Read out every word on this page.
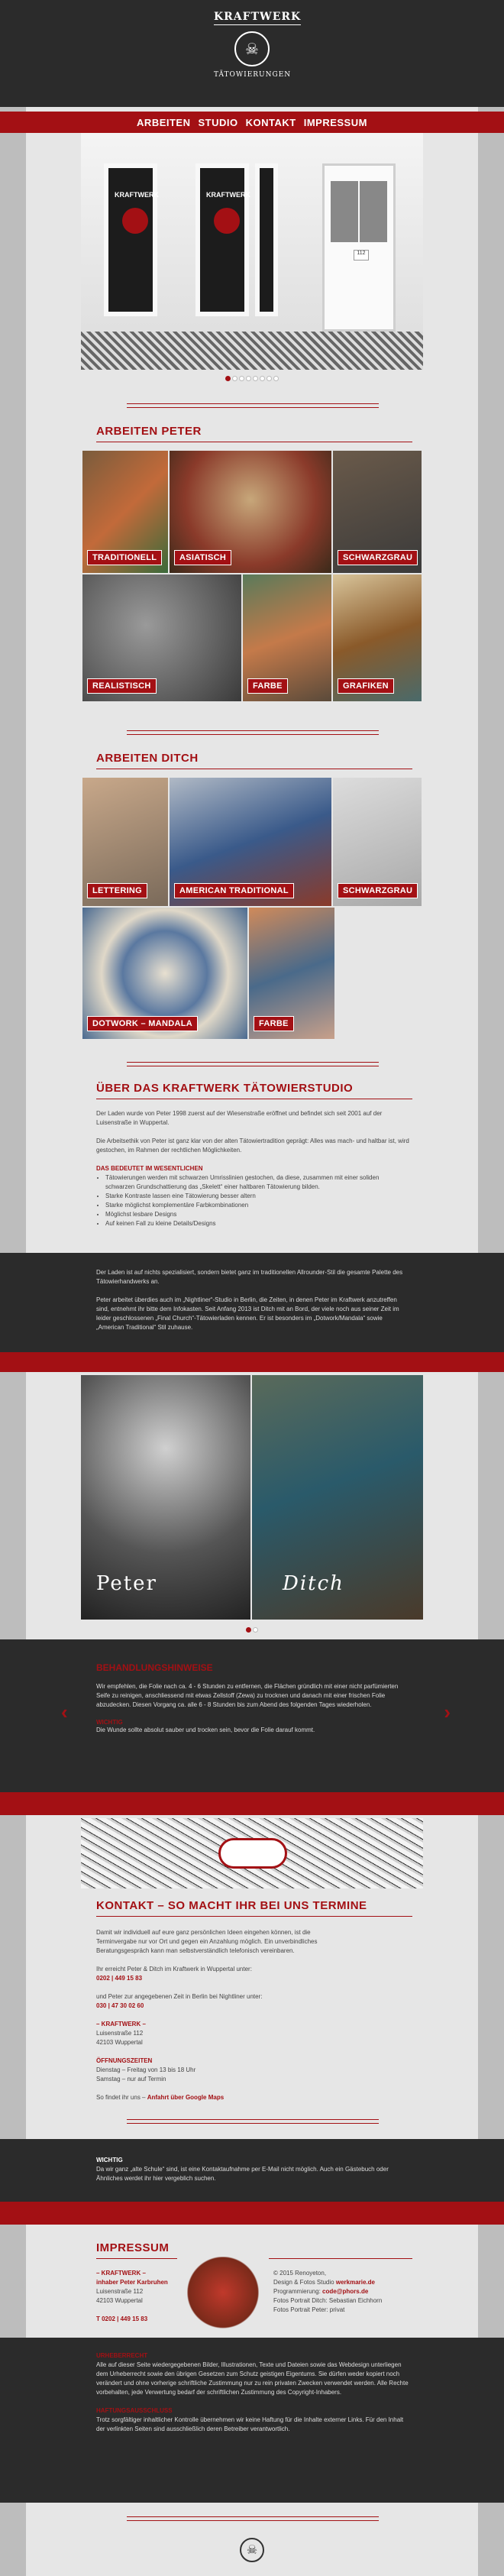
KRAFTWERK
☠
TÄTOWIERUNGEN
ARBEITEN STUDIO KONTAKT IMPRESSUM
KRAFTWERK	KRAFTWERK
112
ARBEITEN PETER
TRADITIONELL	ASIATISCH	SCHWARZGRAU
REALISTISCH	FARBE	GRAFIKEN
ARBEITEN DITCH
LETTERING	AMERICAN TRADITIONAL	SCHWARZGRAU
DOTWORK – MANDALA	FARBE
ÜBER DAS KRAFTWERK TÄTOWIERSTUDIO

Der Laden wurde von Peter 1998 zuerst auf der Wiesenstraße eröffnet und befindet sich seit 2001 auf der Luisenstraße in Wuppertal.

Die Arbeitsethik von Peter ist ganz klar von der alten Tätowiertradition geprägt: Alles was mach- und haltbar ist, wird gestochen, im Rahmen der rechtlichen Möglichkeiten.

DAS BEDEUTET IM WESENTLICHEN

• Tätowierungen werden mit schwarzen Umrisslinien gestochen, da diese, zusammen mit einer soliden schwarzen Grundschattierung das „Skelett“ einer haltbaren Tätowierung bilden.
• Starke Kontraste lassen eine Tätowierung besser altern
• Starke möglichst komplementäre Farbkombinationen
• Möglichst lesbare Designs
• Auf keinen Fall zu kleine Details/Designs

Der Laden ist auf nichts spezialisiert, sondern bietet ganz im traditionellen Allrounder-Stil die gesamte Palette des Tätowierhandwerks an.

Peter arbeitet überdies auch im „Nightliner“-Studio in Berlin, die Zeiten, in denen Peter im Kraftwerk anzutreffen sind, entnehmt ihr bitte dem Infokasten. Seit Anfang 2013 ist Ditch mit an Bord, der viele noch aus seiner Zeit im leider geschlossenen „Final Church“-Tätowierladen kennen. Er ist besonders im „Dotwork/Mandala“ sowie „American Traditional“ Stil zuhause.

Peter	Ditch
‹	›
BEHANDLUNGSHINWEISE

Wir empfehlen, die Folie nach ca. 4 - 6 Stunden zu entfernen, die Flächen gründlich mit einer nicht parfümierten Seife zu reinigen, anschliessend mit etwas Zellstoff (Zewa) zu trocknen und danach mit einer frischen Folie abzudecken. Diesen Vorgang ca. alle 6 - 8 Stunden bis zum Abend des folgenden Tages wiederholen.

WICHTIG

Die Wunde sollte absolut sauber und trocken sein, bevor die Folie darauf kommt.

KONTAKT – SO MACHT IHR BEI UNS TERMINE

Damit wir individuell auf eure ganz persönlichen Ideen eingehen können, ist die Terminvergabe nur vor Ort und gegen ein Anzahlung möglich. Ein unverbindliches Beratungsgespräch kann man selbstverständlich telefonisch vereinbaren.

Ihr erreicht Peter & Ditch im Kraftwerk in Wuppertal unter:

0202 | 449 15 83

und Peter zur angegebenen Zeit in Berlin bei Nightliner unter:

030 | 47 30 02 60

– KRAFTWERK –

Luisenstraße 112

42103 Wuppertal

ÖFFNUNGSZEITEN

Dienstag – Freitag von 13 bis 18 Uhr

Samstag – nur auf Termin

So findet ihr uns – Anfahrt über Google Maps

WICHTIG

Da wir ganz „alte Schule“ sind, ist eine Kontaktaufnahme per E-Mail nicht möglich. Auch ein Gästebuch oder Ähnliches werdet ihr hier vergeblich suchen.

IMPRESSUM

– KRAFTWERK –

inhaber Peter Karbruhen

Luisenstraße 112

42103 Wuppertal

T 0202 | 449 15 83

© 2015 Renoyeton,

Design & Fotos Studio werkmarie.de

Programmierung: code@phors.de

Fotos Portrait Ditch: Sebastian Eichhorn

Fotos Portrait Peter: privat

URHEBERRECHT

Alle auf dieser Seite wiedergegebenen Bilder, Illustrationen, Texte und Dateien sowie das Webdesign unterliegen dem Urheberrecht sowie den übrigen Gesetzen zum Schutz geistigen Eigentums. Sie dürfen weder kopiert noch verändert und ohne vorherige schriftliche Zustimmung nur zu rein privaten Zwecken verwendet werden. Alle Rechte vorbehalten, jede Verwertung bedarf der schriftlichen Zustimmung des Copyright-Inhabers.

HAFTUNGSAUSSCHLUSS

Trotz sorgfältiger inhaltlicher Kontrolle übernehmen wir keine Haftung für die Inhalte externer Links. Für den Inhalt der verlinkten Seiten sind ausschließlich deren Betreiber verantwortlich.

☠
